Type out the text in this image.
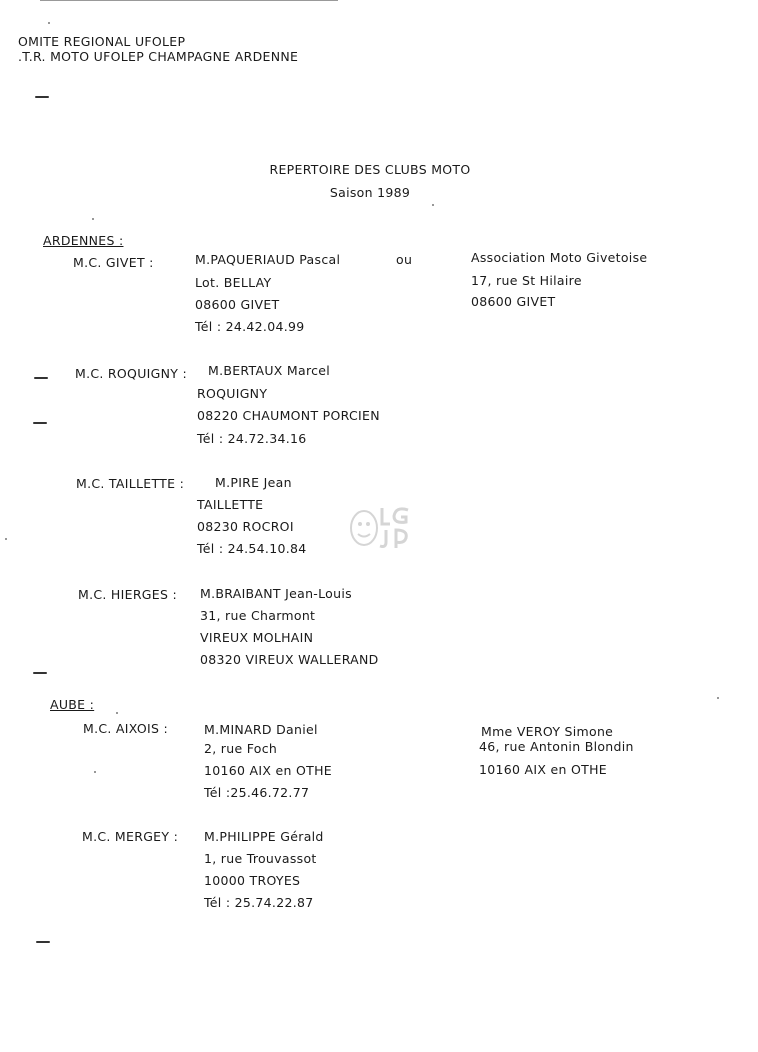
OMITE REGIONAL UFOLEP
.T.R. MOTO UFOLEP CHAMPAGNE ARDENNE
REPERTOIRE DES CLUBS MOTO
Saison 1989
ARDENNES :
M.C. GIVET :	M.PAQUERIAUD Pascal
Lot. BELLAY
08600 GIVET
Tél : 24.42.04.99
ou	Association Moto Givetoise
17, rue St Hilaire
08600 GIVET
M.C. ROQUIGNY : M.BERTAUX Marcel
ROQUIGNY
08220 CHAUMONT PORCIEN
Tél : 24.72.34.16
M.C. TAILLETTE : M.PIRE Jean
TAILLETTE
08230 ROCROI
Tél : 24.54.10.84
M.C. HIERGES : M.BRAIBANT Jean-Louis
31, rue Charmont
VIREUX MOLHAIN
08320 VIREUX WALLERAND
AUBE :
M.C. AIXOIS :	M.MINARD Daniel
2, rue Foch
10160 AIX en OTHE
Tél :25.46.72.77
Mme VEROY Simone
46, rue Antonin Blondin
10160 AIX en OTHE
M.C. MERGEY : M.PHILIPPE Gérald
1, rue Trouvassot
10000 TROYES
Tél : 25.74.22.87
